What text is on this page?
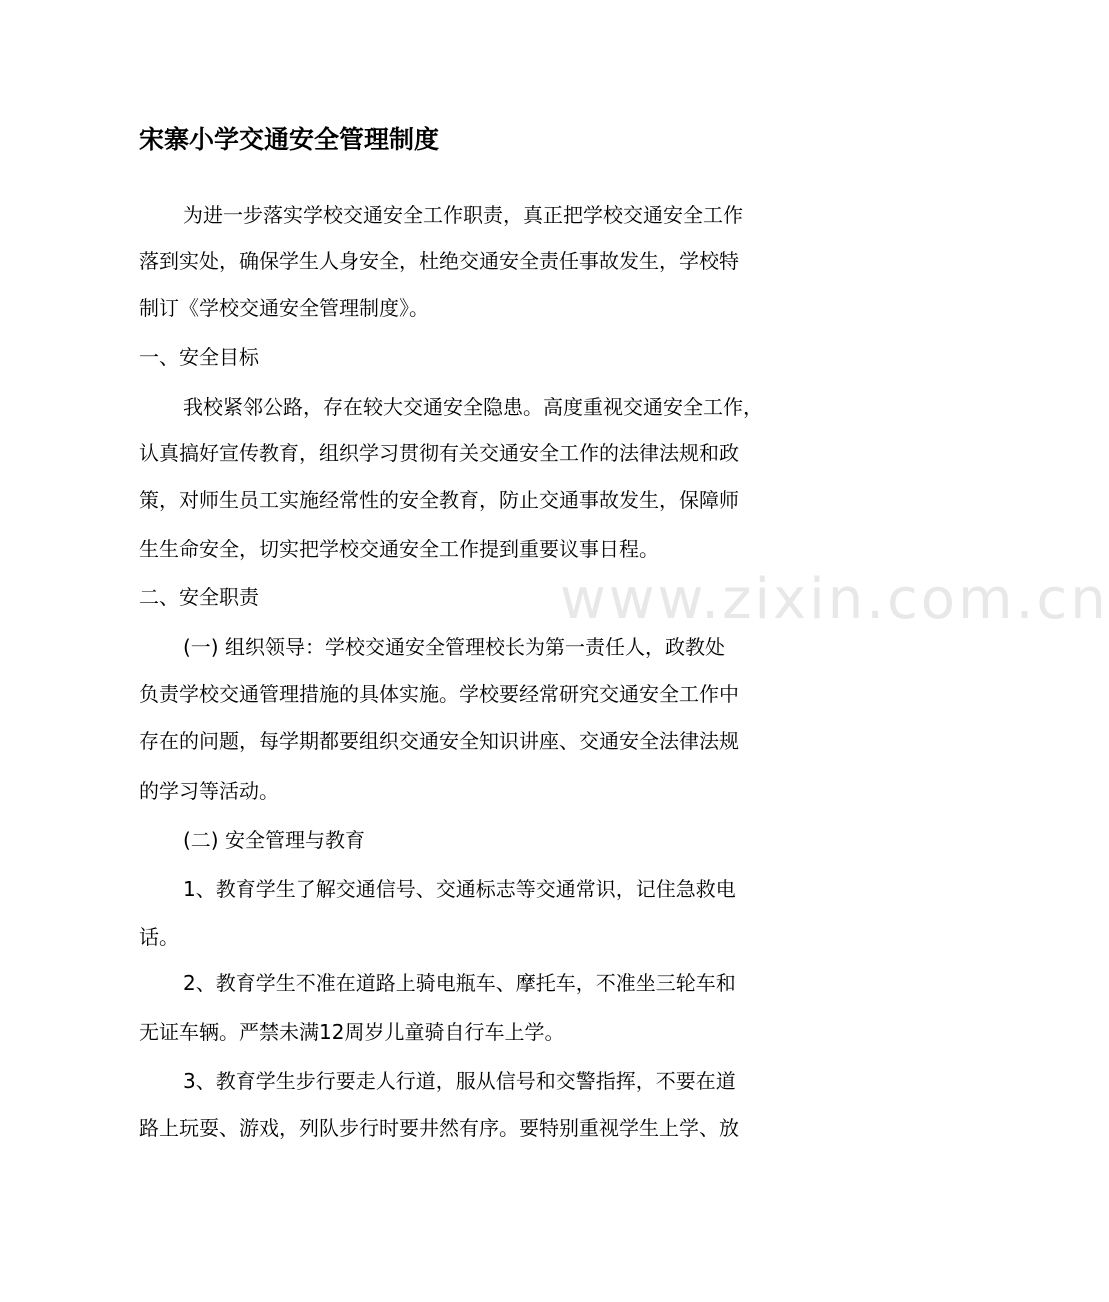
www.zixin.com.cn
宋寨小学交通安全管理制度
为进一步落实学校交通安全工作职责，真正把学校交通安全工作
落到实处，确保学生人身安全，杜绝交通安全责任事故发生，学校特
制订《学校交通安全管理制度》。
一、安全目标
我校紧邻公路，存在较大交通安全隐患。高度重视交通安全工作，
认真搞好宣传教育，组织学习贯彻有关交通安全工作的法律法规和政
策，对师生员工实施经常性的安全教育，防止交通事故发生，保障师
生生命安全，切实把学校交通安全工作提到重要议事日程。
二、安全职责
(一) 组织领导：学校交通安全管理校长为第一责任人，政教处
负责学校交通管理措施的具体实施。学校要经常研究交通安全工作中
存在的问题，每学期都要组织交通安全知识讲座、交通安全法律法规
的学习等活动。
(二) 安全管理与教育
1、教育学生了解交通信号、交通标志等交通常识，记住急救电
话。
2、教育学生不准在道路上骑电瓶车、摩托车，不准坐三轮车和
无证车辆。严禁未满12周岁儿童骑自行车上学。
3、教育学生步行要走人行道，服从信号和交警指挥，不要在道
路上玩耍、游戏，列队步行时要井然有序。要特别重视学生上学、放
